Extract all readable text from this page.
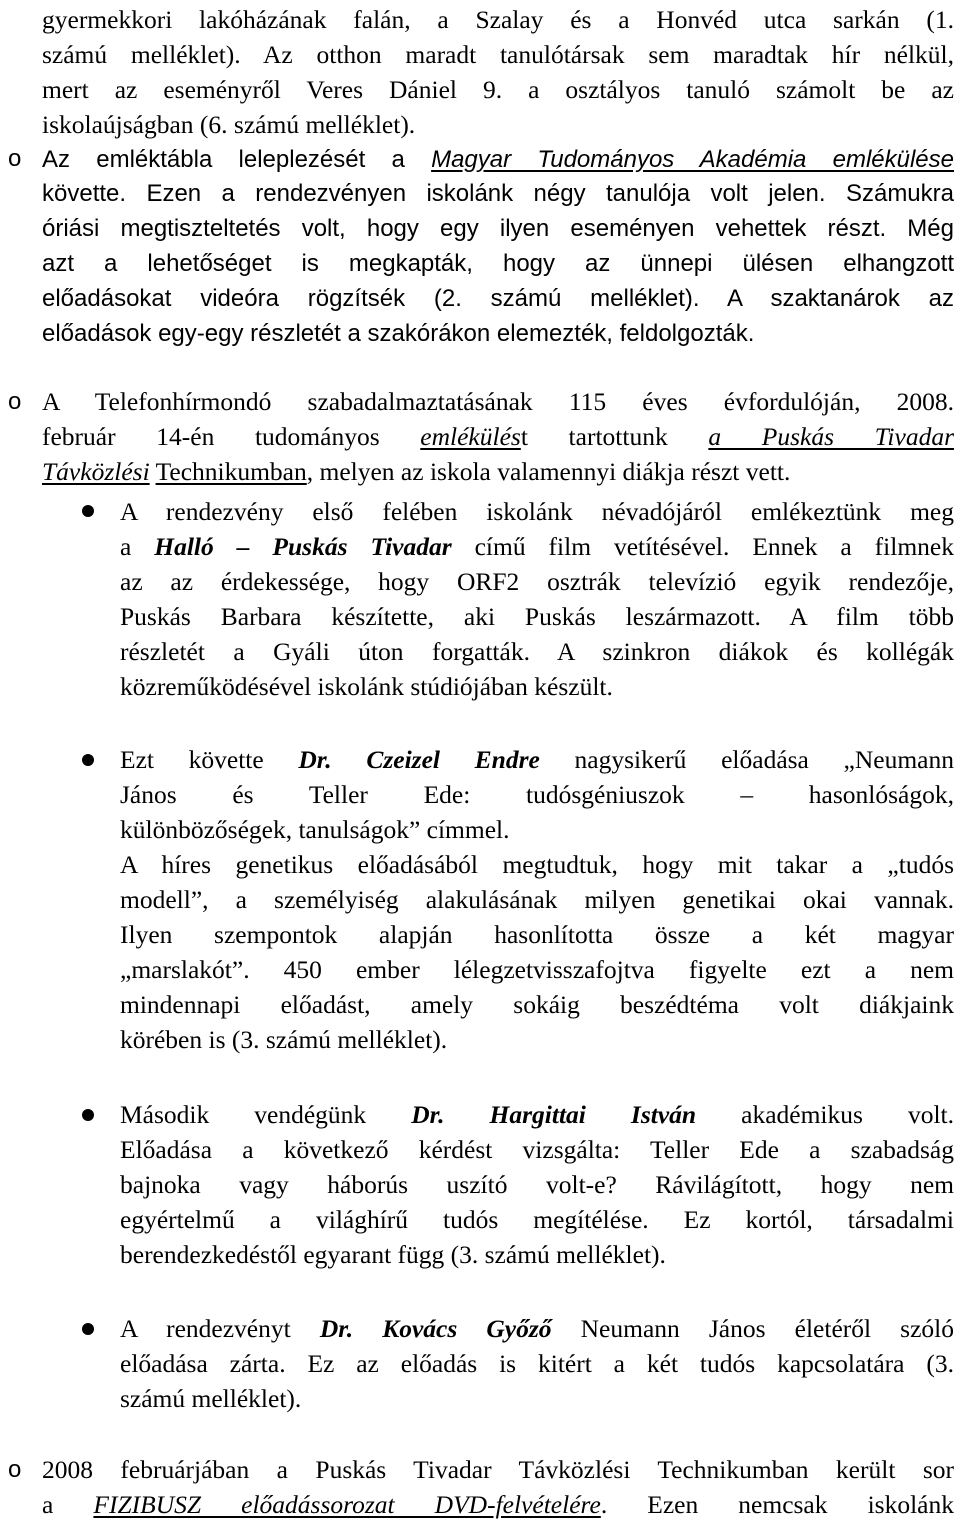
gyermekkori lakóházának falán, a Szalay és a Honvéd utca sarkán (1.
számú melléklet). Az otthon maradt tanulótársak sem maradtak hír nélkül,
mert az eseményről Veres Dániel 9. a osztályos tanuló számolt be az
iskolaújságban (6. számú melléklet).
o Az emléktábla leleplezését a Magyar Tudományos Akadémia emlékülése
követte. Ezen a rendezvényen iskolánk négy tanulója volt jelen. Számukra
óriási megtiszteltetés volt, hogy egy ilyen eseményen vehettek részt. Még
azt a lehetőséget is megkapták, hogy az ünnepi ülésen elhangzott
előadásokat videóra rögzítsék (2. számú melléklet). A szaktanárok az
előadások egy-egy részletét a szakórákon elemezték, feldolgozták.
o A Telefonhírmondó szabadalmaztatásának 115 éves évfordulóján, 2008.
február 14-én tudományos emlékülést tartottunk a Puskás Tivadar
Távközlési Technikumban, melyen az iskola valamennyi diákja részt vett.
A rendezvény első felében iskolánk névadójáról emlékeztünk meg
a Halló – Puskás Tivadar című film vetítésével. Ennek a filmnek
az az érdekessége, hogy ORF2 osztrák televízió egyik rendezője,
Puskás Barbara készítette, aki Puskás leszármazott. A film több
részletét a Gyáli úton forgatták. A szinkron diákok és kollégák
közreműködésével iskolánk stúdiójában készült.
Ezt követte Dr. Czeizel Endre nagysikerű előadása „Neumann
János és Teller Ede: tudósgéniuszok – hasonlóságok,
különbözőségek, tanulságok” címmel.
A híres genetikus előadásából megtudtuk, hogy mit takar a „tudós
modell”, a személyiség alakulásának milyen genetikai okai vannak.
Ilyen szempontok alapján hasonlította össze a két magyar
„marslakót”. 450 ember lélegzetvisszafojtva figyelte ezt a nem
mindennapi előadást, amely sokáig beszédtéma volt diákjaink
körében is (3. számú melléklet).
Második vendégünk Dr. Hargittai István akadémikus volt.
Előadása a következő kérdést vizsgálta: Teller Ede a szabadság
bajnoka vagy háborús uszító volt-e? Rávilágított, hogy nem
egyértelmű a világhírű tudós megítélése. Ez kortól, társadalmi
berendezkedéstől egyarant függ (3. számú melléklet).
A rendezvényt Dr. Kovács Győző Neumann János életéről szóló
előadása zárta. Ez az előadás is kitért a két tudós kapcsolatára (3.
számú melléklet).
o 2008 februárjában a Puskás Tivadar Távközlési Technikumban került sor
a FIZIBUSZ előadássorozat DVD-felvételére. Ezen nemcsak iskolánk
